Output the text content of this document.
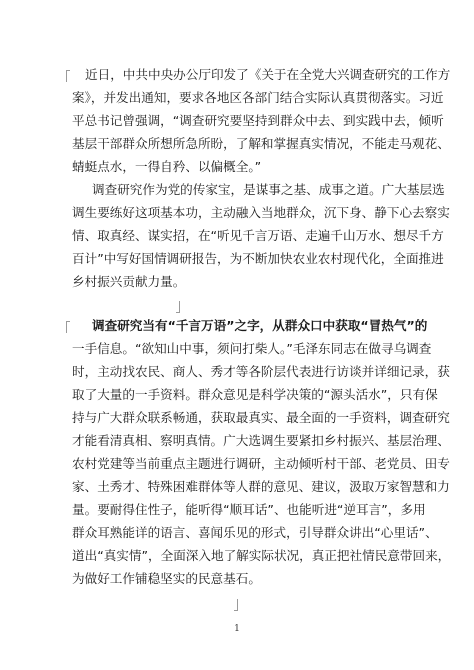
近日，中共中央办公厅印发了《关于在全党大兴调查研究的工作方
案》，并发出通知，要求各地区各部门结合实际认真贯彻落实。习近
平总书记曾强调，“调查研究要坚持到群众中去、到实践中去，倾听
基层干部群众所想所急所盼，了解和掌握真实情况，不能走马观花、
蜻蜓点水，一得自矜、以偏概全。”
调查研究作为党的传家宝，是谋事之基、成事之道。广大基层选
调生要练好这项基本功，主动融入当地群众，沉下身、静下心去察实
情、取真经、谋实招，在“听见千言万语、走遍千山万水、想尽千方
百计”中写好国情调研报告，为不断加快农业农村现代化，全面推进
乡村振兴贡献力量。
调查研究当有“千言万语”之字，从群众口中获取“冒热气”的
一手信息。“欲知山中事，须问打柴人。”毛泽东同志在做寻乌调查
时，主动找农民、商人、秀才等各阶层代表进行访谈并详细记录，获
取了大量的一手资料。群众意见是科学决策的“源头活水”，只有保
持与广大群众联系畅通，获取最真实、最全面的一手资料，调查研究
才能看清真相、察明真情。广大选调生要紧扣乡村振兴、基层治理、
农村党建等当前重点主题进行调研，主动倾听村干部、老党员、田专
家、土秀才、特殊困难群体等人群的意见、建议，汲取万家智慧和力
量。要耐得住性子，能听得“顺耳话”、也能听进“逆耳言”，多用
群众耳熟能详的语言、喜闻乐见的形式，引导群众讲出“心里话”、
道出“真实情”，全面深入地了解实际状况，真正把社情民意带回来，
为做好工作铺稳坚实的民意基石。
1
